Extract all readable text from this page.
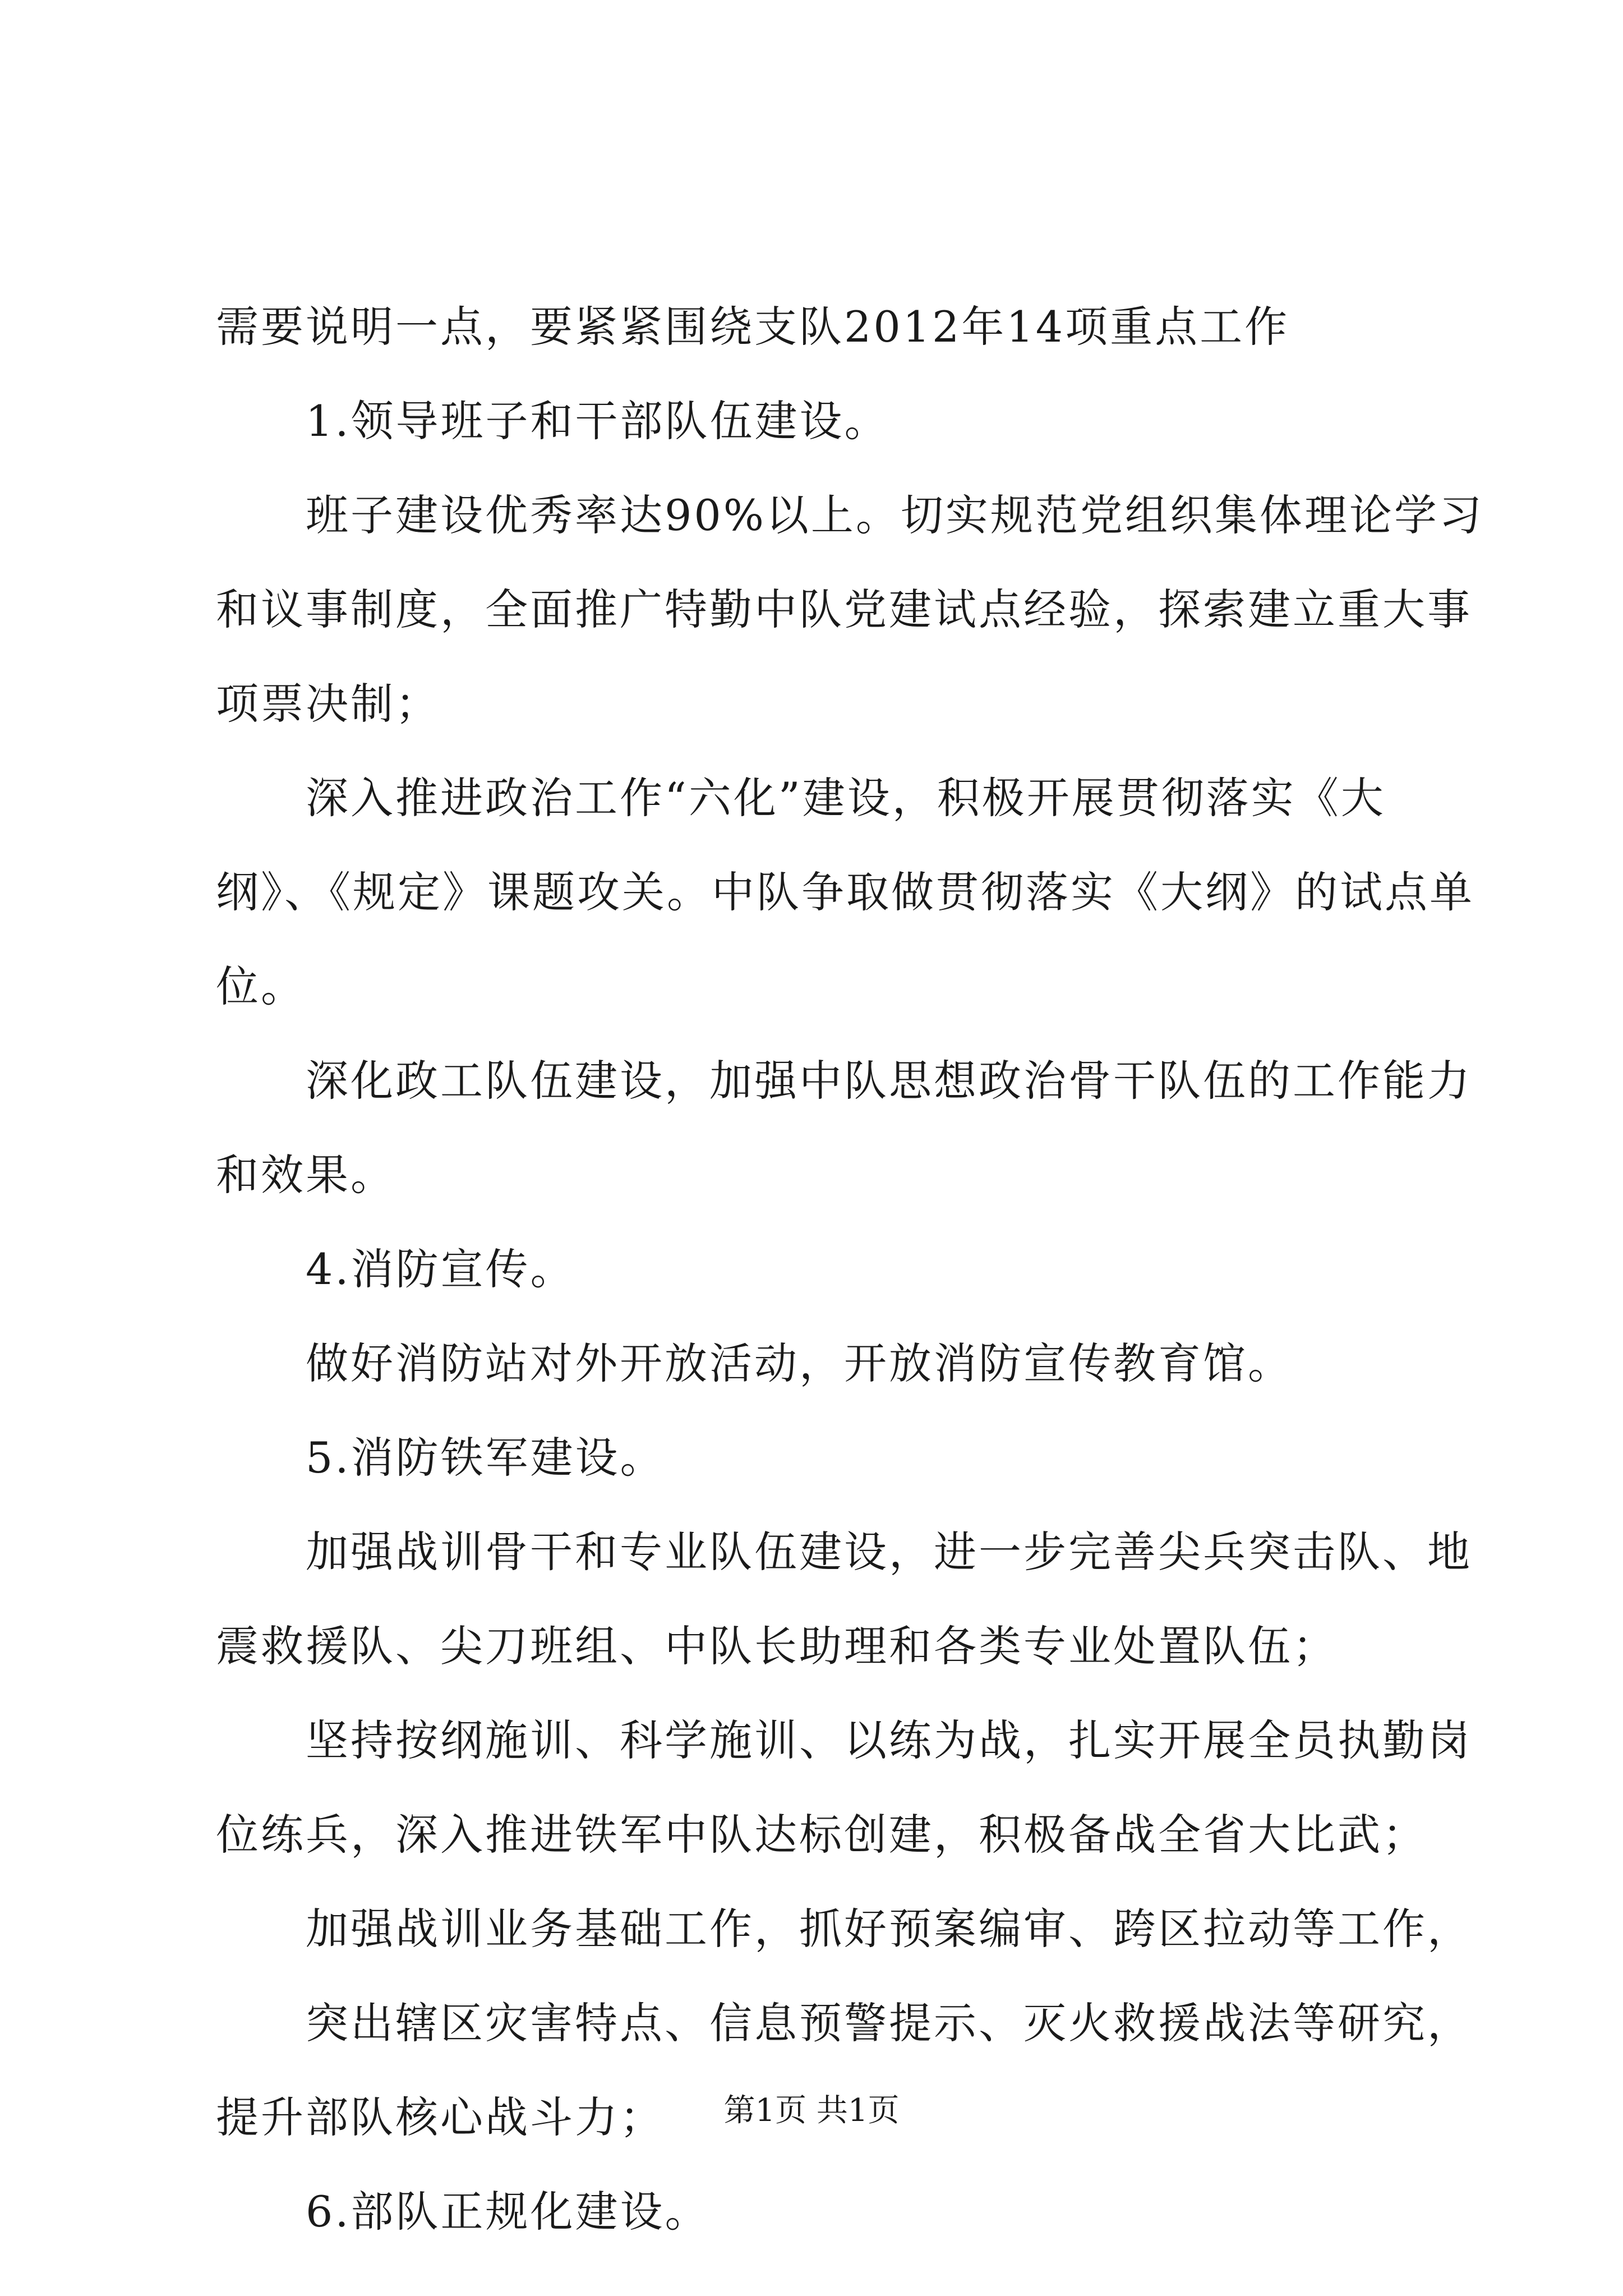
需要说明一点，要紧紧围绕支队2012年14项重点工作
1.领导班子和干部队伍建设。
班子建设优秀率达90%以上。切实规范党组织集体理论学习
和议事制度，全面推广特勤中队党建试点经验，探索建立重大事
项票决制；
深入推进政治工作“六化”建设，积极开展贯彻落实《大
纲》、《规定》课题攻关。中队争取做贯彻落实《大纲》的试点单
位。
深化政工队伍建设，加强中队思想政治骨干队伍的工作能力
和效果。
4.消防宣传。
做好消防站对外开放活动，开放消防宣传教育馆。
5.消防铁军建设。
加强战训骨干和专业队伍建设，进一步完善尖兵突击队、地
震救援队、尖刀班组、中队长助理和各类专业处置队伍；
坚持按纲施训、科学施训、以练为战，扎实开展全员执勤岗
位练兵，深入推进铁军中队达标创建，积极备战全省大比武；
加强战训业务基础工作，抓好预案编审、跨区拉动等工作，
突出辖区灾害特点、信息预警提示、灭火救援战法等研究，
提升部队核心战斗力；
6.部队正规化建设。
第1页 共1页
